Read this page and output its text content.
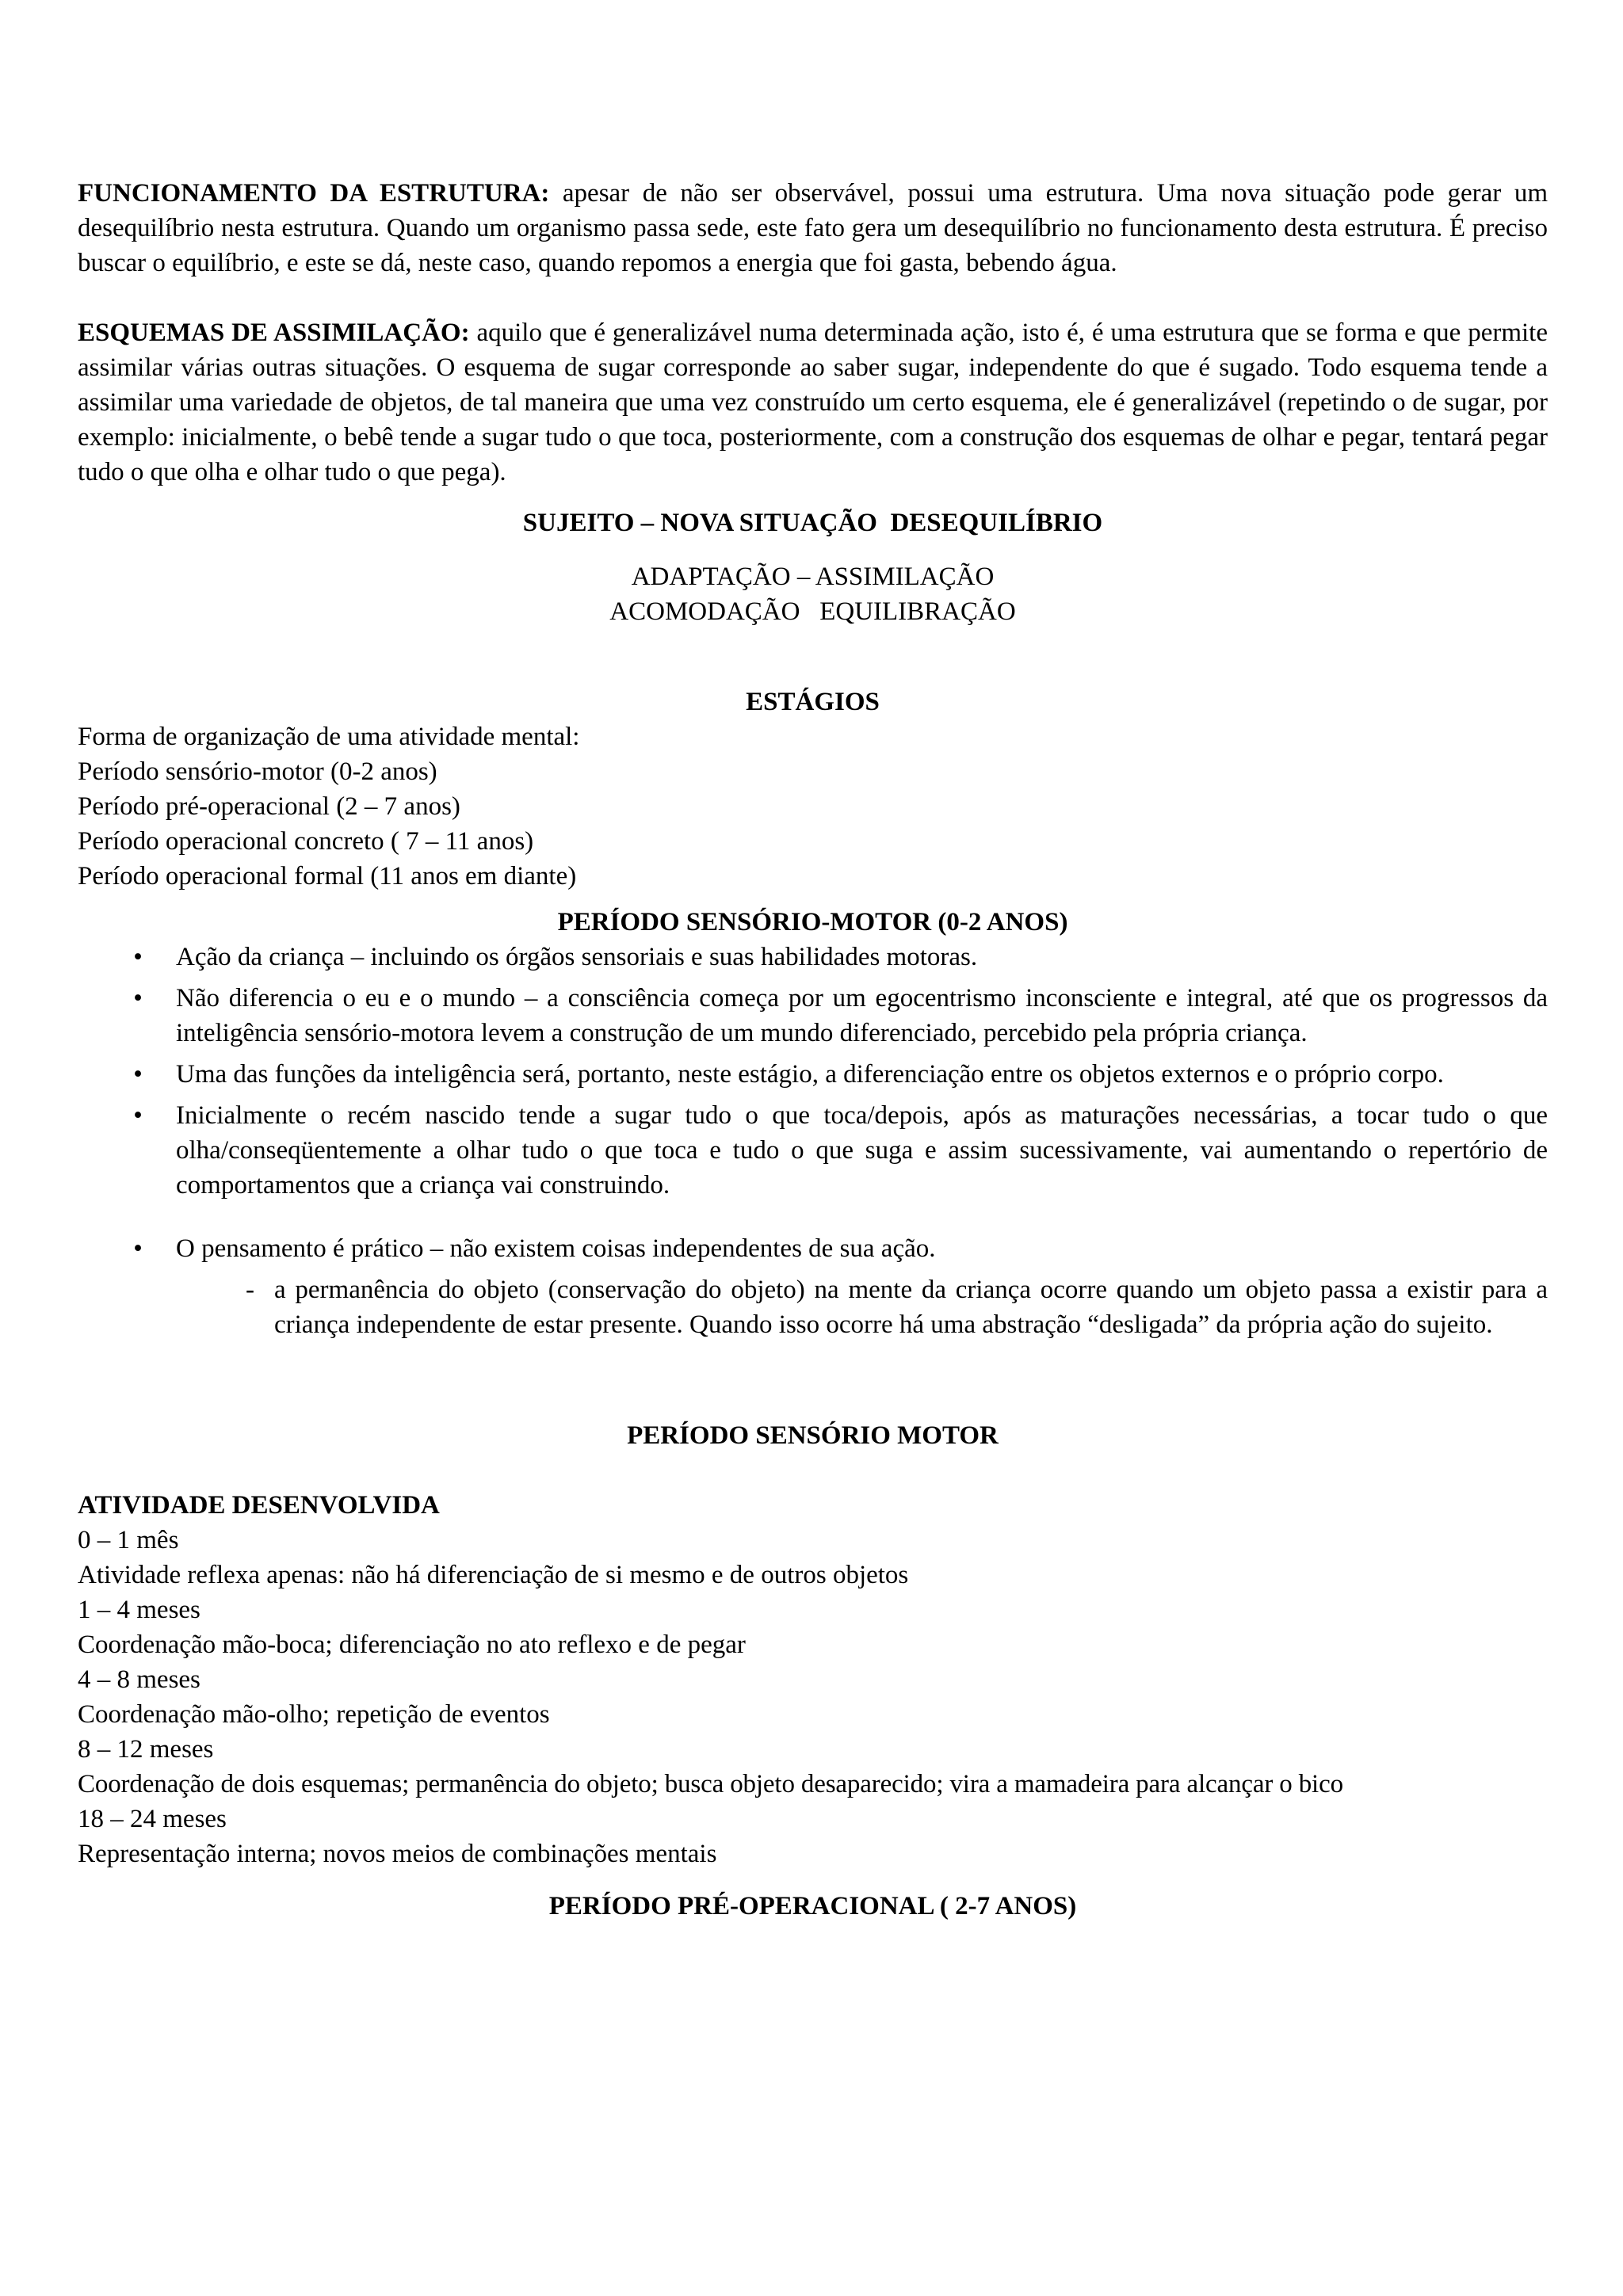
FUNCIONAMENTO DA ESTRUTURA: apesar de não ser observável, possui uma estrutura. Uma nova situação pode gerar um desequilíbrio nesta estrutura. Quando um organismo passa sede, este fato gera um desequilíbrio no funcionamento desta estrutura. É preciso buscar o equilíbrio, e este se dá, neste caso, quando repomos a energia que foi gasta, bebendo água.

ESQUEMAS DE ASSIMILAÇÃO: aquilo que é generalizável numa determinada ação, isto é, é uma estrutura que se forma e que permite assimilar várias outras situações. O esquema de sugar corresponde ao saber sugar, independente do que é sugado. Todo esquema tende a assimilar uma variedade de objetos, de tal maneira que uma vez construído um certo esquema, ele é generalizável (repetindo o de sugar, por exemplo: inicialmente, o bebê tende a sugar tudo o que toca, posteriormente, com a construção dos esquemas de olhar e pegar, tentará pegar tudo o que olha e olhar tudo o que pega).

SUJEITO – NOVA SITUAÇÃO  DESEQUILÍBRIO

ADAPTAÇÃO – ASSIMILAÇÃO

ACOMODAÇÃO   EQUILIBRAÇÃO

ESTÁGIOS

Forma de organização de uma atividade mental:

Período sensório-motor (0-2 anos)

Período pré-operacional (2 – 7 anos)

Período operacional concreto ( 7 – 11 anos)

Período operacional formal (11 anos em diante)

PERÍODO SENSÓRIO-MOTOR (0-2 ANOS)

• Ação da criança – incluindo os órgãos sensoriais e suas habilidades motoras.
• Não diferencia o eu e o mundo – a consciência começa por um egocentrismo inconsciente e integral, até que os progressos da inteligência sensório-motora levem a construção de um mundo diferenciado, percebido pela própria criança.
• Uma das funções da inteligência será, portanto, neste estágio, a diferenciação entre os objetos externos e o próprio corpo.
• Inicialmente o recém nascido tende a sugar tudo o que toca/depois, após as maturações necessárias, a tocar tudo o que olha/conseqüentemente a olhar tudo o que toca e tudo o que suga e assim sucessivamente, vai aumentando o repertório de comportamentos que a criança vai construindo.
• O pensamento é prático – não existem coisas independentes de sua ação.
- a permanência do objeto (conservação do objeto) na mente da criança ocorre quando um objeto passa a existir para a criança independente de estar presente. Quando isso ocorre há uma abstração “desligada” da própria ação do sujeito.

PERÍODO SENSÓRIO MOTOR

ATIVIDADE DESENVOLVIDA

0 – 1 mês

Atividade reflexa apenas: não há diferenciação de si mesmo e de outros objetos

1 – 4 meses

Coordenação mão-boca; diferenciação no ato reflexo e de pegar

4 – 8 meses

Coordenação mão-olho; repetição de eventos

8 – 12 meses

Coordenação de dois esquemas; permanência do objeto; busca objeto desaparecido; vira a mamadeira para alcançar o bico

18 – 24 meses

Representação interna; novos meios de combinações mentais

PERÍODO PRÉ-OPERACIONAL ( 2-7 ANOS)
